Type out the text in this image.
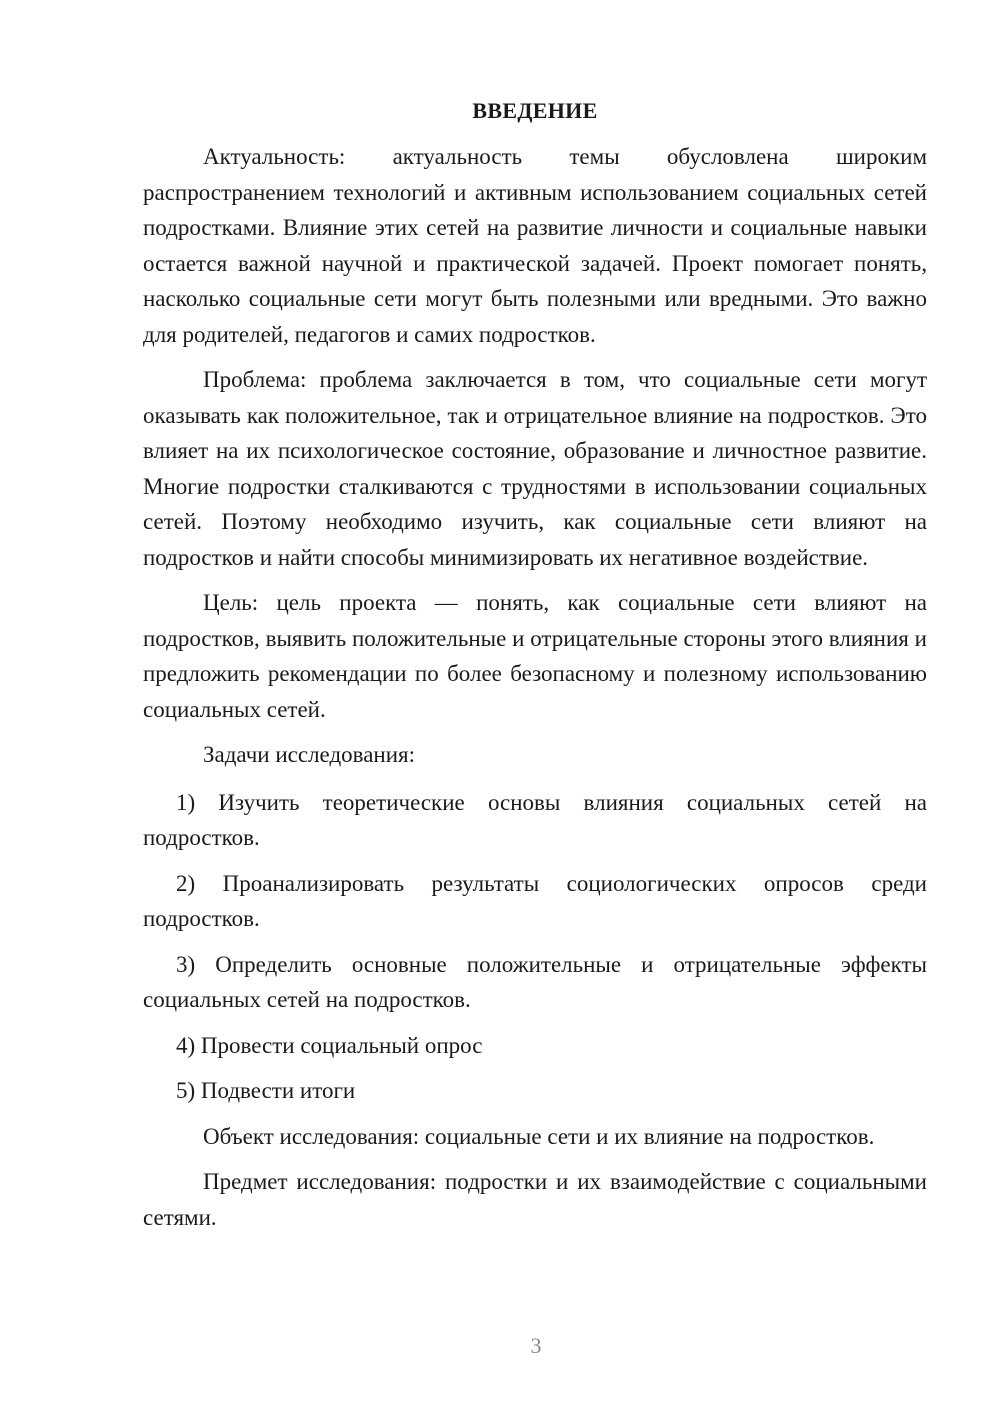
ВВЕДЕНИЕ

Актуальность: актуальность темы обусловлена широким распространением технологий и активным использованием социальных сетей подростками. Влияние этих сетей на развитие личности и социальные навыки остается важной научной и практической задачей. Проект помогает понять, насколько социальные сети могут быть полезными или вредными. Это важно для родителей, педагогов и самих подростков.

Проблема: проблема заключается в том, что социальные сети могут оказывать как положительное, так и отрицательное влияние на подростков. Это влияет на их психологическое состояние, образование и личностное развитие. Многие подростки сталкиваются с трудностями в использовании социальных сетей. Поэтому необходимо изучить, как социальные сети влияют на подростков и найти способы минимизировать их негативное воздействие.

Цель: цель проекта — понять, как социальные сети влияют на подростков, выявить положительные и отрицательные стороны этого влияния и предложить рекомендации по более безопасному и полезному использованию социальных сетей.

Задачи исследования:

1) Изучить теоретические основы влияния социальных сетей на подростков.

2) Проанализировать результаты социологических опросов среди подростков.

3) Определить основные положительные и отрицательные эффекты социальных сетей на подростков.

4) Провести социальный опрос

5) Подвести итоги

Объект исследования: социальные сети и их влияние на подростков.

Предмет исследования: подростки и их взаимодействие с социальными сетями.

3
